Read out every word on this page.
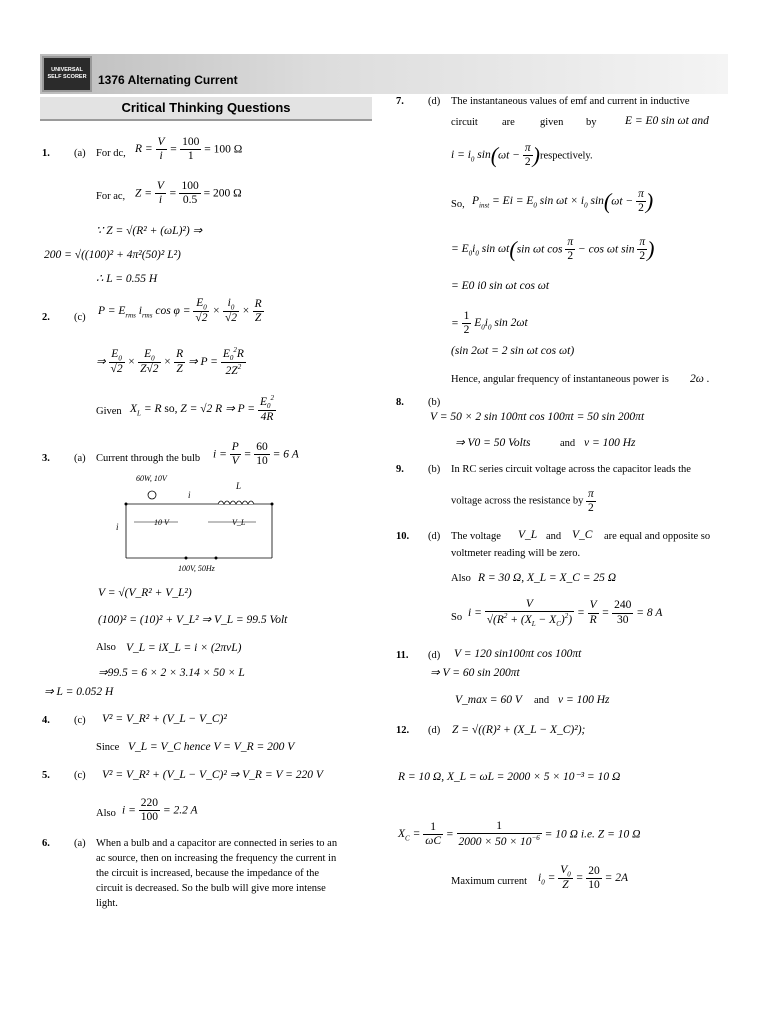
UNIVERSAL SELF SCORER 1376 Alternating Current
Critical Thinking Questions
1. (a) For dc, $R = \frac{V}{i} = \frac{100}{1} = 100$ Ω
For ac, $Z = \frac{V}{i} = \frac{100}{0.5} = 200$ Ω
∵ Z = √(R² + (ωL)²) ⇒
200 = √((100)² + 4π²(50)² L²)
∴ L = 0.55 H
2. (c)
$P = E_{rms}$ $i_{rms}$ $\cos \varphi = \frac{E_0}{√2} \times \frac{i_0}{√2} \times \frac{R}{Z}$
⇒ $\frac{E_0}{√2} \times \frac{E_0}{Z√2} \times \frac{R}{Z}$ ⇒ $P = \frac{E_0^2R}{2Z^2}$
Given $X_L = R$ so, Z = √2 R ⇒ $P = \frac{E_0^2}{4R}$
3. (a) Current through the bulb $i = \frac{P}{V} = \frac{60}{10} = 6$ A
60W, 10V
L
i
i	10 V	V_L
100V, 50Hz
V = √(V_R² + V_L²)
(100)² = (10)² + V_L² ⇒ V_L = 99.5 Volt
Also V_L = iX_L = i × (2πνL)
⇒99.5 = 6 × 2 × 3.14 × 50 × L
⇒ L = 0.052 H
4. (c) V² = V_R² + (V_L − V_C)²
Since V_L = V_C hence V = V_R = 200 V
5. (c) V² = V_R² + (V_L − V_C)² ⇒ V_R = V = 220 V
Also $i = \frac{220}{100} = 2.2$ A
6. (a) When a bulb and a capacitor are connected in series to an
ac source, then on increasing the frequency the current in
the circuit is increased, because the impedance of the
circuit is decreased. So the bulb will give more intense
light.
7. (d) The instantaneous values of emf and current in inductive
circuit are given by E = E0 sin ωt and
$i = i_0$ $\sin(\omega t - \frac{\pi}{2}$ )respectively.
So, $P_{inst} = Ei = E_0$ $\sin \omega t \times i_0$ $\sin(\omega t - \frac{\pi}{2}$ )
= $E_0i_0$ sin ωt(sin ωt $\cos \frac{\pi}{2} - \cos \omega t$ $\sin \frac{\pi}{2}$ )
= E0 i0 sin ωt cos ωt
= $\frac{1}{2} E_0i_0$ sin 2ωt
(sin 2ωt = 2 sin ωt cos ωt)
Hence, angular frequency of instantaneous power is 2ω .
8. (b)
V = 50 × 2 sin 100πt cos 100πt = 50 sin 200πt
⇒ V0 = 50 Volts	and ν = 100 Hz
9. (b) In RC series circuit voltage across the capacitor leads the
voltage across the resistance by $\frac{\pi}{2}$
10. (d) The voltage V_L and V_C are equal and opposite so
voltmeter reading will be zero.
Also R = 30 Ω, X_L = X_C = 25 Ω
So $i = \frac{V}{√(R^2 + (X_L - X_C)^2)} = \frac{V}{R} = \frac{240}{30} = 8$ A
11. (d) V = 120 sin100πt cos 100πt
⇒ V = 60 sin 200πt
V_max = 60 V and ν = 100 Hz
12. (d) Z = √((R)² + (X_L − X_C)²);
R = 10 Ω, X_L = ωL = 2000 × 5 × 10⁻³ = 10 Ω
$X_C = \frac{1}{\omega C} = \frac{1}{2000 \times 50 \times 10^{-6}} = 10$ Ω i.e. Z = 10 Ω
Maximum current $i_0 = \frac{V_0}{Z} = \frac{20}{10} = 2A$
